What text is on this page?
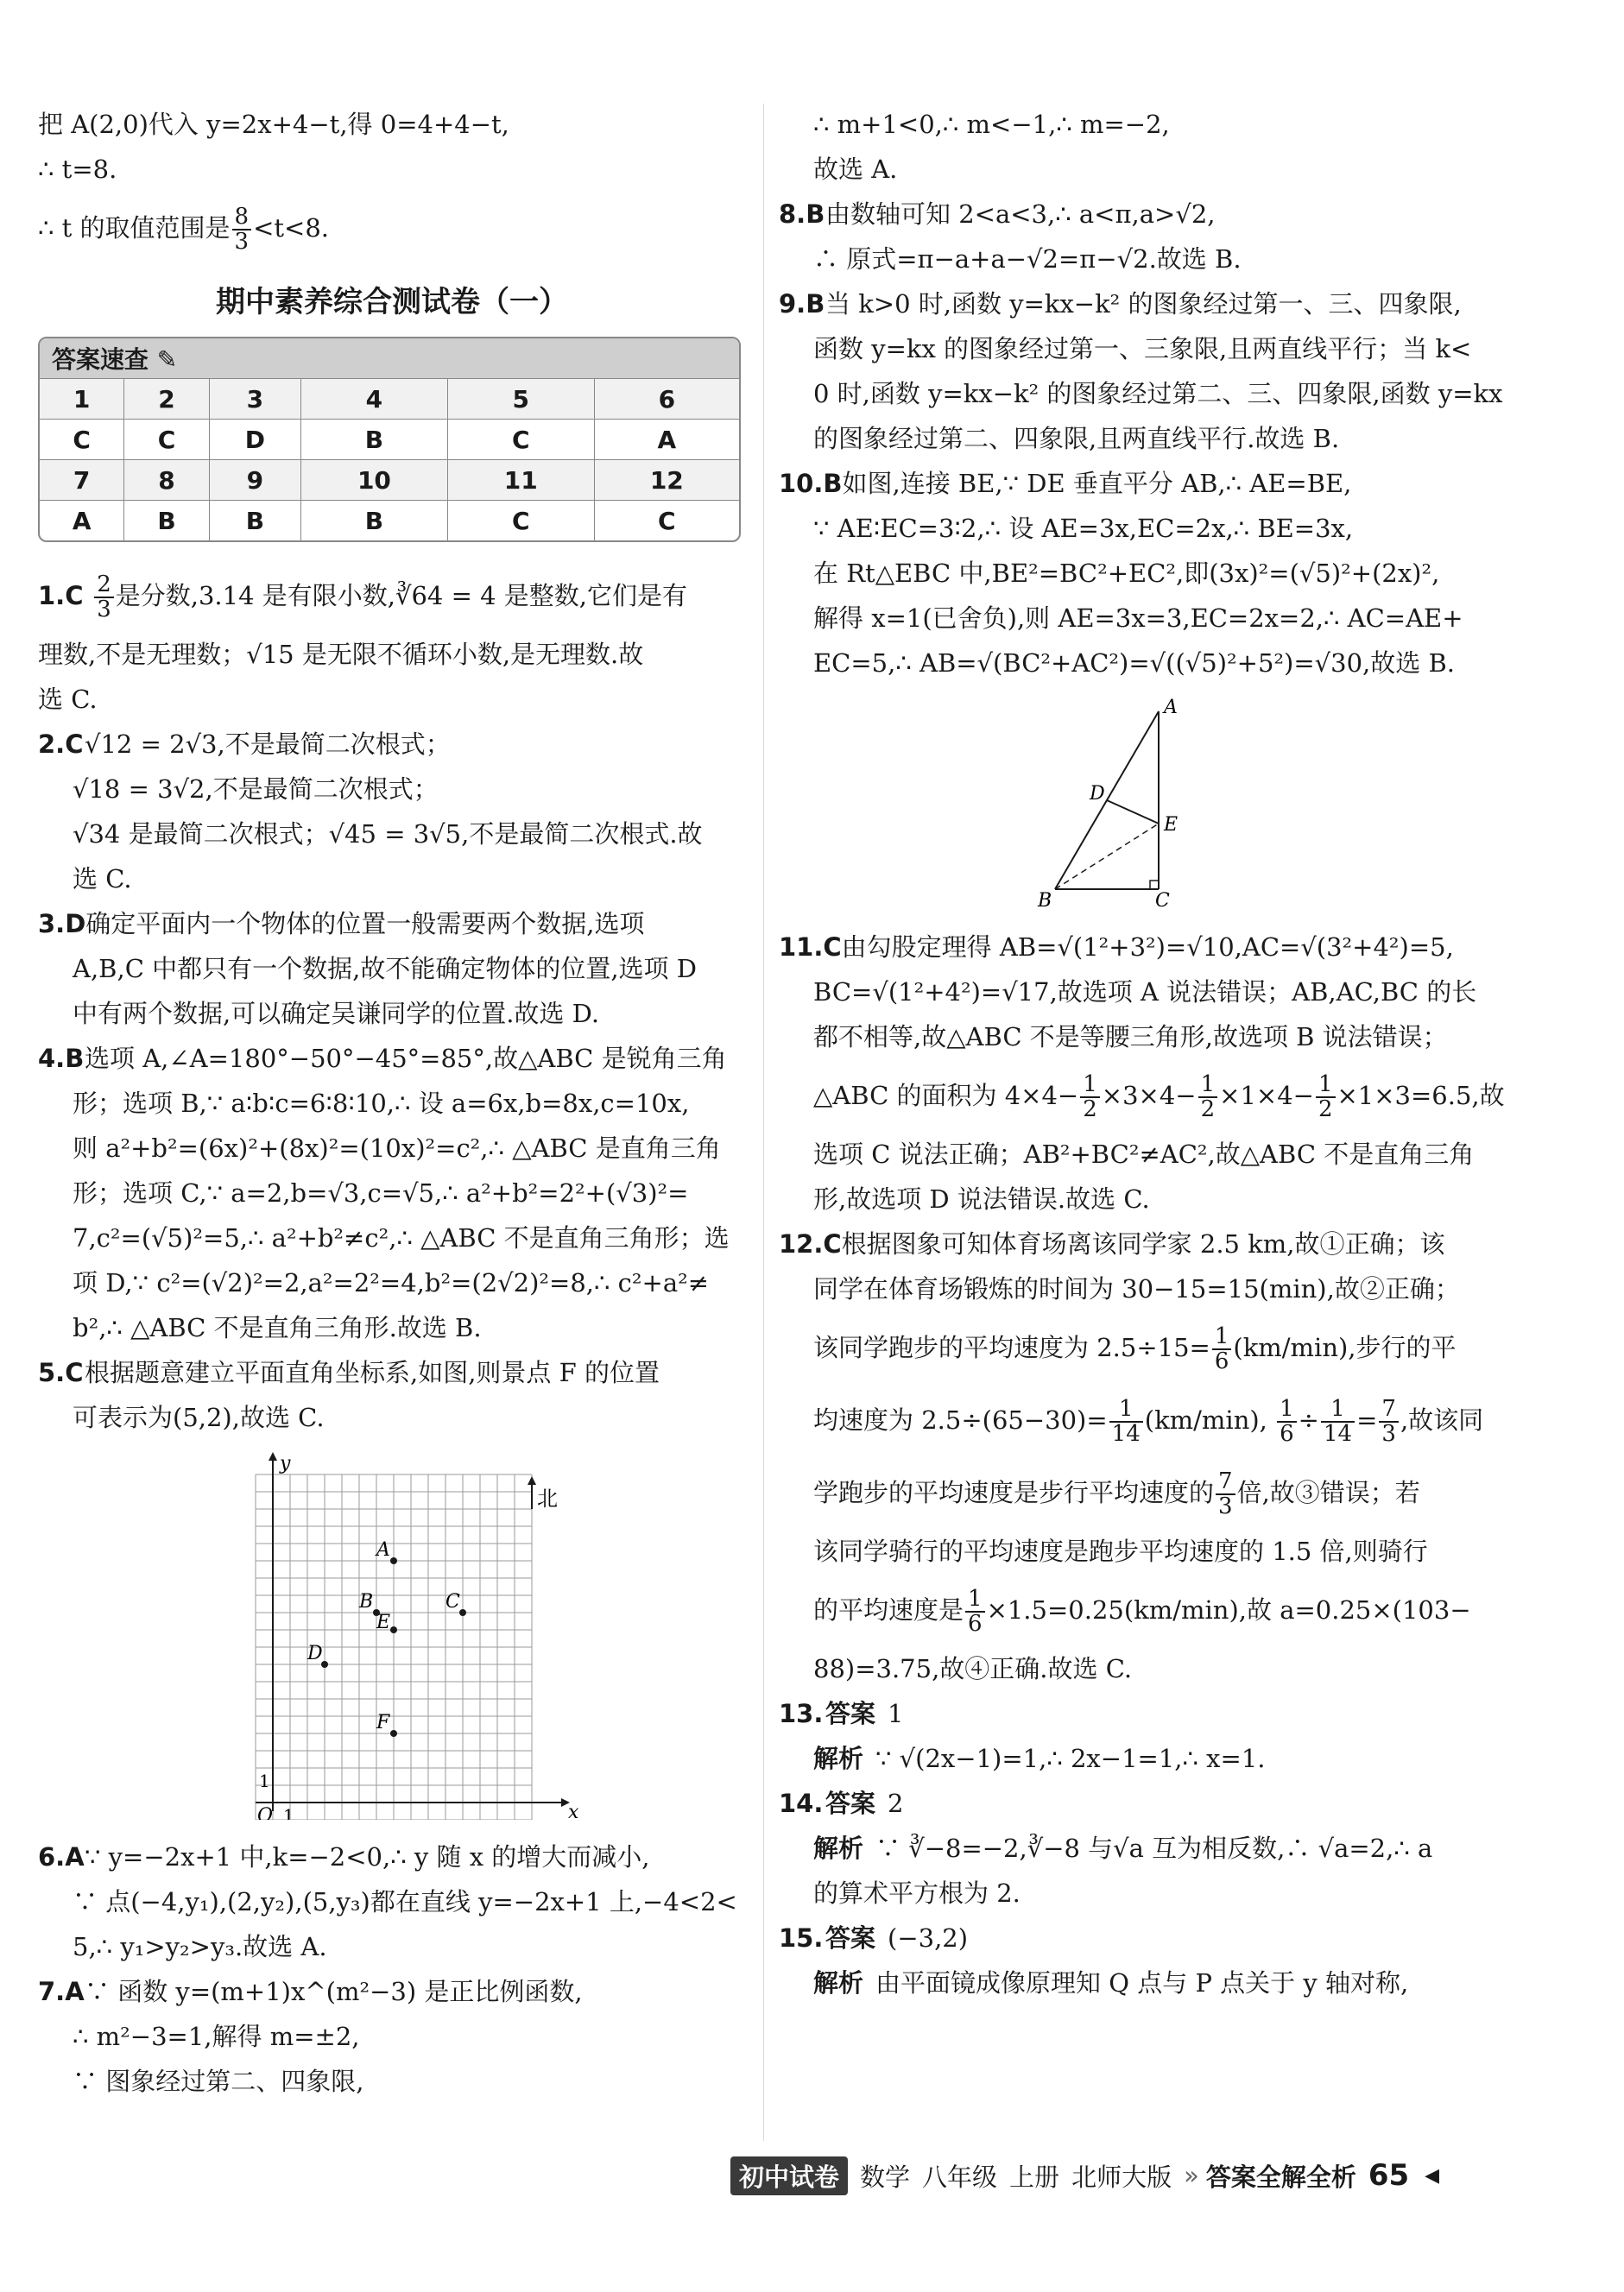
把 A(2,0)代入 y=2x+4−t,得 0=4+4−t,
∴ t=8.
∴ t 的取值范围是 $\frac{8}{3} <t<8$.
期中素养综合测试卷（一）
答案速查 ✎
1	2	3	4	5	6
C	C	D	B	C	A
7	8	9	10	11	12
A	B	B	B	C	C
$1.C \frac{2}{3}$ 是分数,3.14 是有限小数,∛64 = 4 是整数,它们是有
理数,不是无理数；√15 是无限不循环小数,是无理数.故
选 C.
2.C√12 = 2√3,不是最简二次根式；
√18 = 3√2,不是最简二次根式；
√34 是最简二次根式；√45 = 3√5,不是最简二次根式.故
选 C.
3.D确定平面内一个物体的位置一般需要两个数据,选项
A,B,C 中都只有一个数据,故不能确定物体的位置,选项 D
中有两个数据,可以确定吴谦同学的位置.故选 D.
4.B选项 A,∠A=180°−50°−45°=85°,故△ABC 是锐角三角
形；选项 B,∵ a∶b∶c=6∶8∶10,∴ 设 a=6x,b=8x,c=10x,
则 a²+b²=(6x)²+(8x)²=(10x)²=c²,∴ △ABC 是直角三角
形；选项 C,∵ a=2,b=√3,c=√5,∴ a²+b²=2²+(√3)²=
7,c²=(√5)²=5,∴ a²+b²≠c²,∴ △ABC 不是直角三角形；选
项 D,∵ c²=(√2)²=2,a²=2²=4,b²=(2√2)²=8,∴ c²+a²≠
b²,∴ △ABC 不是直角三角形.故选 B.
5.C根据题意建立平面直角坐标系,如图,则景点 F 的位置
可表示为(5,2),故选 C.
y
x
O 1
1
北
A
B	C
E
D
F
6.A∵ y=−2x+1 中,k=−2<0,∴ y 随 x 的增大而减小,
∵ 点(−4,y₁),(2,y₂),(5,y₃)都在直线 y=−2x+1 上,−4<2<
5,∴ y₁>y₂>y₃.故选 A.
7.A∵ 函数 y=(m+1)x^(m²−3) 是正比例函数,
∴ m²−3=1,解得 m=±2,
∵ 图象经过第二、四象限,
∴ m+1<0,∴ m<−1,∴ m=−2,
故选 A.
8.B由数轴可知 2<a<3,∴ a<π,a>√2,
∴ 原式=π−a+a−√2=π−√2.故选 B.
9.B当 k>0 时,函数 y=kx−k² 的图象经过第一、三、四象限,
函数 y=kx 的图象经过第一、三象限,且两直线平行；当 k<
0 时,函数 y=kx−k² 的图象经过第二、三、四象限,函数 y=kx
的图象经过第二、四象限,且两直线平行.故选 B.
10.B如图,连接 BE,∵ DE 垂直平分 AB,∴ AE=BE,
∵ AE∶EC=3∶2,∴ 设 AE=3x,EC=2x,∴ BE=3x,
在 Rt△EBC 中,BE²=BC²+EC²,即(3x)²=(√5)²+(2x)²,
解得 x=1(已舍负),则 AE=3x=3,EC=2x=2,∴ AC=AE+
EC=5,∴ AB=√(BC²+AC²)=√((√5)²+5²)=√30,故选 B.
A
D
E
B	C
11.C由勾股定理得 AB=√(1²+3²)=√10,AC=√(3²+4²)=5,
BC=√(1²+4²)=√17,故选项 A 说法错误；AB,AC,BC 的长
都不相等,故△ABC 不是等腰三角形,故选项 B 说法错误；
△ABC 的面积为 $4\times 4- \frac{1}{2} \times 3\times 4- \frac{1}{2} \times 1\times 4- \frac{1}{2} \times 1\times 3=6.5$,故
选项 C 说法正确；AB²+BC²≠AC²,故△ABC 不是直角三角
形,故选项 D 说法错误.故选 C.
12.C根据图象可知体育场离该同学家 2.5 km,故①正确；该
同学在体育场锻炼的时间为 30−15=15(min),故②正确；
该同学跑步的平均速度为 $2.5\div 15= \frac{1}{6} (km/\min)$,步行的平
均速度为 $2.5\div(65-30)= \frac{1}{14} (km/\min)$, $\frac{1}{6} \div \frac{1}{14} = \frac{7}{3}$ ,故该同
学跑步的平均速度是步行平均速度的 $\frac{7}{3}$ 倍,故③错误；若
该同学骑行的平均速度是跑步平均速度的 1.5 倍,则骑行
的平均速度是 $\frac{1}{6} \times 1.5=0.25(km/\min)$,故 a=0.25×(103−
88)=3.75,故④正确.故选 C.
13.答案 1
解析 ∵ √(2x−1)=1,∴ 2x−1=1,∴ x=1.
14.答案 2
解析 ∵ ∛−8=−2,∛−8 与√a 互为相反数,∴ √a=2,∴ a
的算术平方根为 2.
15.答案 (−3,2)
解析 由平面镜成像原理知 Q 点与 P 点关于 y 轴对称,
初中试卷 数学 八年级 上册 北师大版 » 答案全解全析 65 ◀
